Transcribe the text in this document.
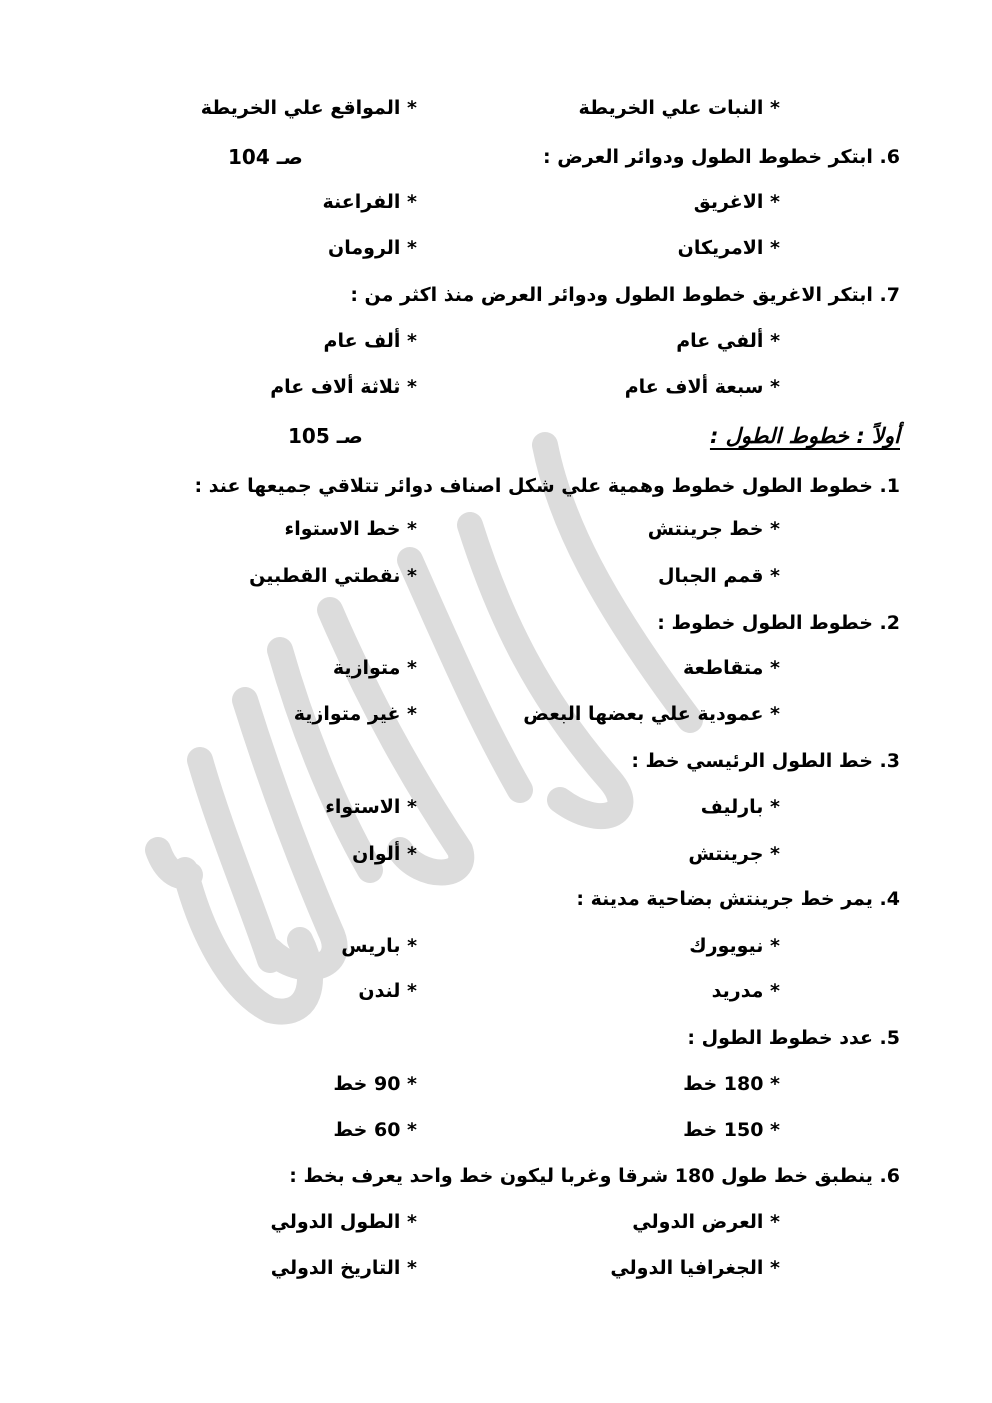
* المواقع علي الخريطة	* النبات علي الخريطة
6. ابتكر خطوط الطول ودوائر العرض :
صـ 104
* الفراعنة	* الاغريق
* الرومان	* الامريكان
7. ابتكر الاغريق خطوط الطول ودوائر العرض منذ اكثر من :
* ألف عام	* ألفي عام
* ثلاثة ألاف عام	* سبعة ألاف عام
أولاً : خطوط الطول :
صـ 105
1. خطوط الطول خطوط وهمية علي شكل اصناف دوائر تتلاقي جميعها عند :
* خط الاستواء	* خط جرينتش
* نقطتي القطبين	* قمم الجبال
2. خطوط الطول خطوط :
* متوازية	* متقاطعة
* غير متوازية	* عمودية علي بعضها البعض
3. خط الطول الرئيسي خط :
* الاستواء	* بارليف
* ألوان	* جرينتش
4. يمر خط جرينتش بضاحية مدينة :
* باريس	* نيويورك
* لندن	* مدريد
5. عدد خطوط الطول :
* 90 خط	* 180 خط
* 60 خط	* 150 خط
6. ينطبق خط طول 180 شرقا وغربا ليكون خط واحد يعرف بخط :
* الطول الدولي	* العرض الدولي
* التاريخ الدولي	* الجغرافيا الدولي
